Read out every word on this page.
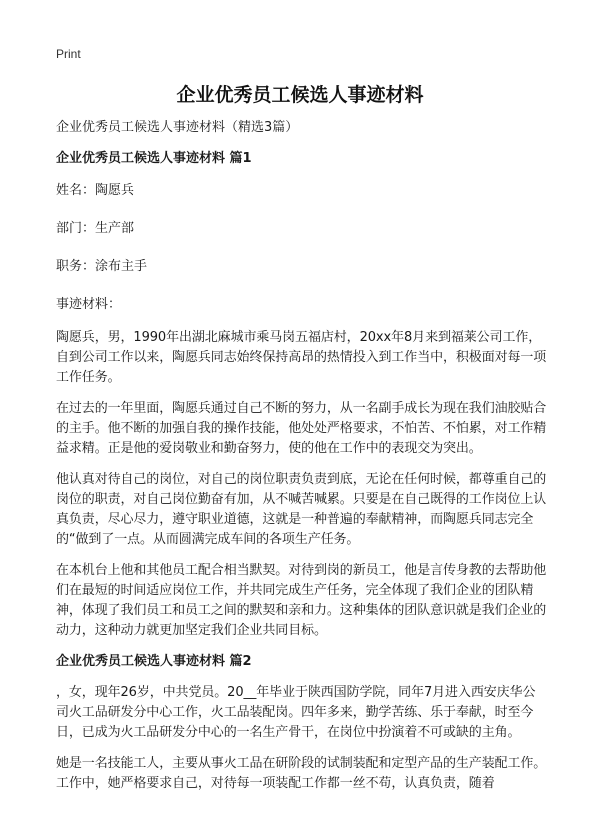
Print
企业优秀员工候选人事迹材料

企业优秀员工候选人事迹材料（精选3篇）

企业优秀员工候选人事迹材料 篇1

姓名：陶愿兵

部门：生产部

职务：涂布主手

事迹材料：

陶愿兵，男，1990年出湖北麻城市乘马岗五福店村，20xx年8月来到福莱公司工作，自到公司工作以来，陶愿兵同志始终保持高昂的热情投入到工作当中，积极面对每一项工作任务。

在过去的一年里面，陶愿兵通过自己不断的努力，从一名副手成长为现在我们油胶贴合的主手。他不断的加强自我的操作技能，他处处严格要求，不怕苦、不怕累，对工作精益求精。正是他的爱岗敬业和勤奋努力，使的他在工作中的表现交为突出。

他认真对待自己的岗位，对自己的岗位职责负责到底，无论在任何时候，都尊重自己的岗位的职责，对自己岗位勤奋有加，从不喊苦喊累。只要是在自己既得的工作岗位上认真负责，尽心尽力，遵守职业道德，这就是一种普遍的奉献精神，而陶愿兵同志完全的“做到了一点。从而圆满完成车间的各项生产任务。

在本机台上他和其他员工配合相当默契。对待到岗的新员工，他是言传身教的去帮助他们在最短的时间适应岗位工作，并共同完成生产任务，完全体现了我们企业的团队精神，体现了我们员工和员工之间的默契和亲和力。这种集体的团队意识就是我们企业的动力，这种动力就更加坚定我们企业共同目标。

企业优秀员工候选人事迹材料 篇2

，女，现年26岁，中共党员。20__年毕业于陕西国防学院，同年7月进入西安庆华公司火工品研发分中心工作，火工品装配岗。四年多来，勤学苦练、乐于奉献，时至今日，已成为火工品研发分中心的一名生产骨干，在岗位中扮演着不可或缺的主角。

她是一名技能工人，主要从事火工品在研阶段的试制装配和定型产品的生产装配工作。工作中，她严格要求自己，对待每一项装配工作都一丝不苟，认真负责，随着
